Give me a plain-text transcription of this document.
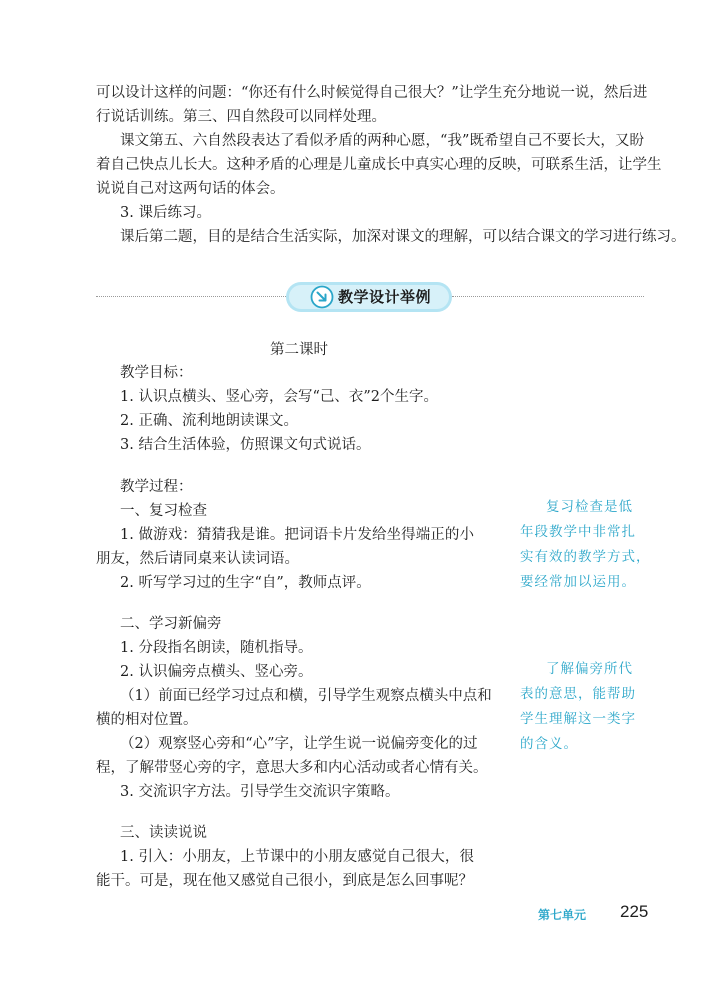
可以设计这样的问题：“你还有什么时候觉得自己很大？”让学生充分地说一说，然后进
行说话训练。第三、四自然段可以同样处理。
课文第五、六自然段表达了看似矛盾的两种心愿，“我”既希望自己不要长大，又盼
着自己快点儿长大。这种矛盾的心理是儿童成长中真实心理的反映，可联系生活，让学生
说说自己对这两句话的体会。
3. 课后练习。
课后第二题，目的是结合生活实际，加深对课文的理解，可以结合课文的学习进行练习。
教学设计举例
第二课时
教学目标：
1. 认识点横头、竖心旁，会写“己、衣”2个生字。
2. 正确、流利地朗读课文。
3. 结合生活体验，仿照课文句式说话。
教学过程：
一、复习检查
1. 做游戏：猜猜我是谁。把词语卡片发给坐得端正的小
朋友，然后请同桌来认读词语。
2. 听写学习过的生字“自”，教师点评。
二、学习新偏旁
1. 分段指名朗读，随机指导。
2. 认识偏旁点横头、竖心旁。
（1）前面已经学习过点和横，引导学生观察点横头中点和
横的相对位置。
（2）观察竖心旁和“心”字，让学生说一说偏旁变化的过
程，了解带竖心旁的字，意思大多和内心活动或者心情有关。
3. 交流识字方法。引导学生交流识字策略。
三、读读说说
1. 引入：小朋友，上节课中的小朋友感觉自己很大，很
能干。可是，现在他又感觉自己很小，到底是怎么回事呢？
复习检查是低
年段教学中非常扎
实有效的教学方式，
要经常加以运用。
了解偏旁所代
表的意思，能帮助
学生理解这一类字
的含义。
第七单元 225
